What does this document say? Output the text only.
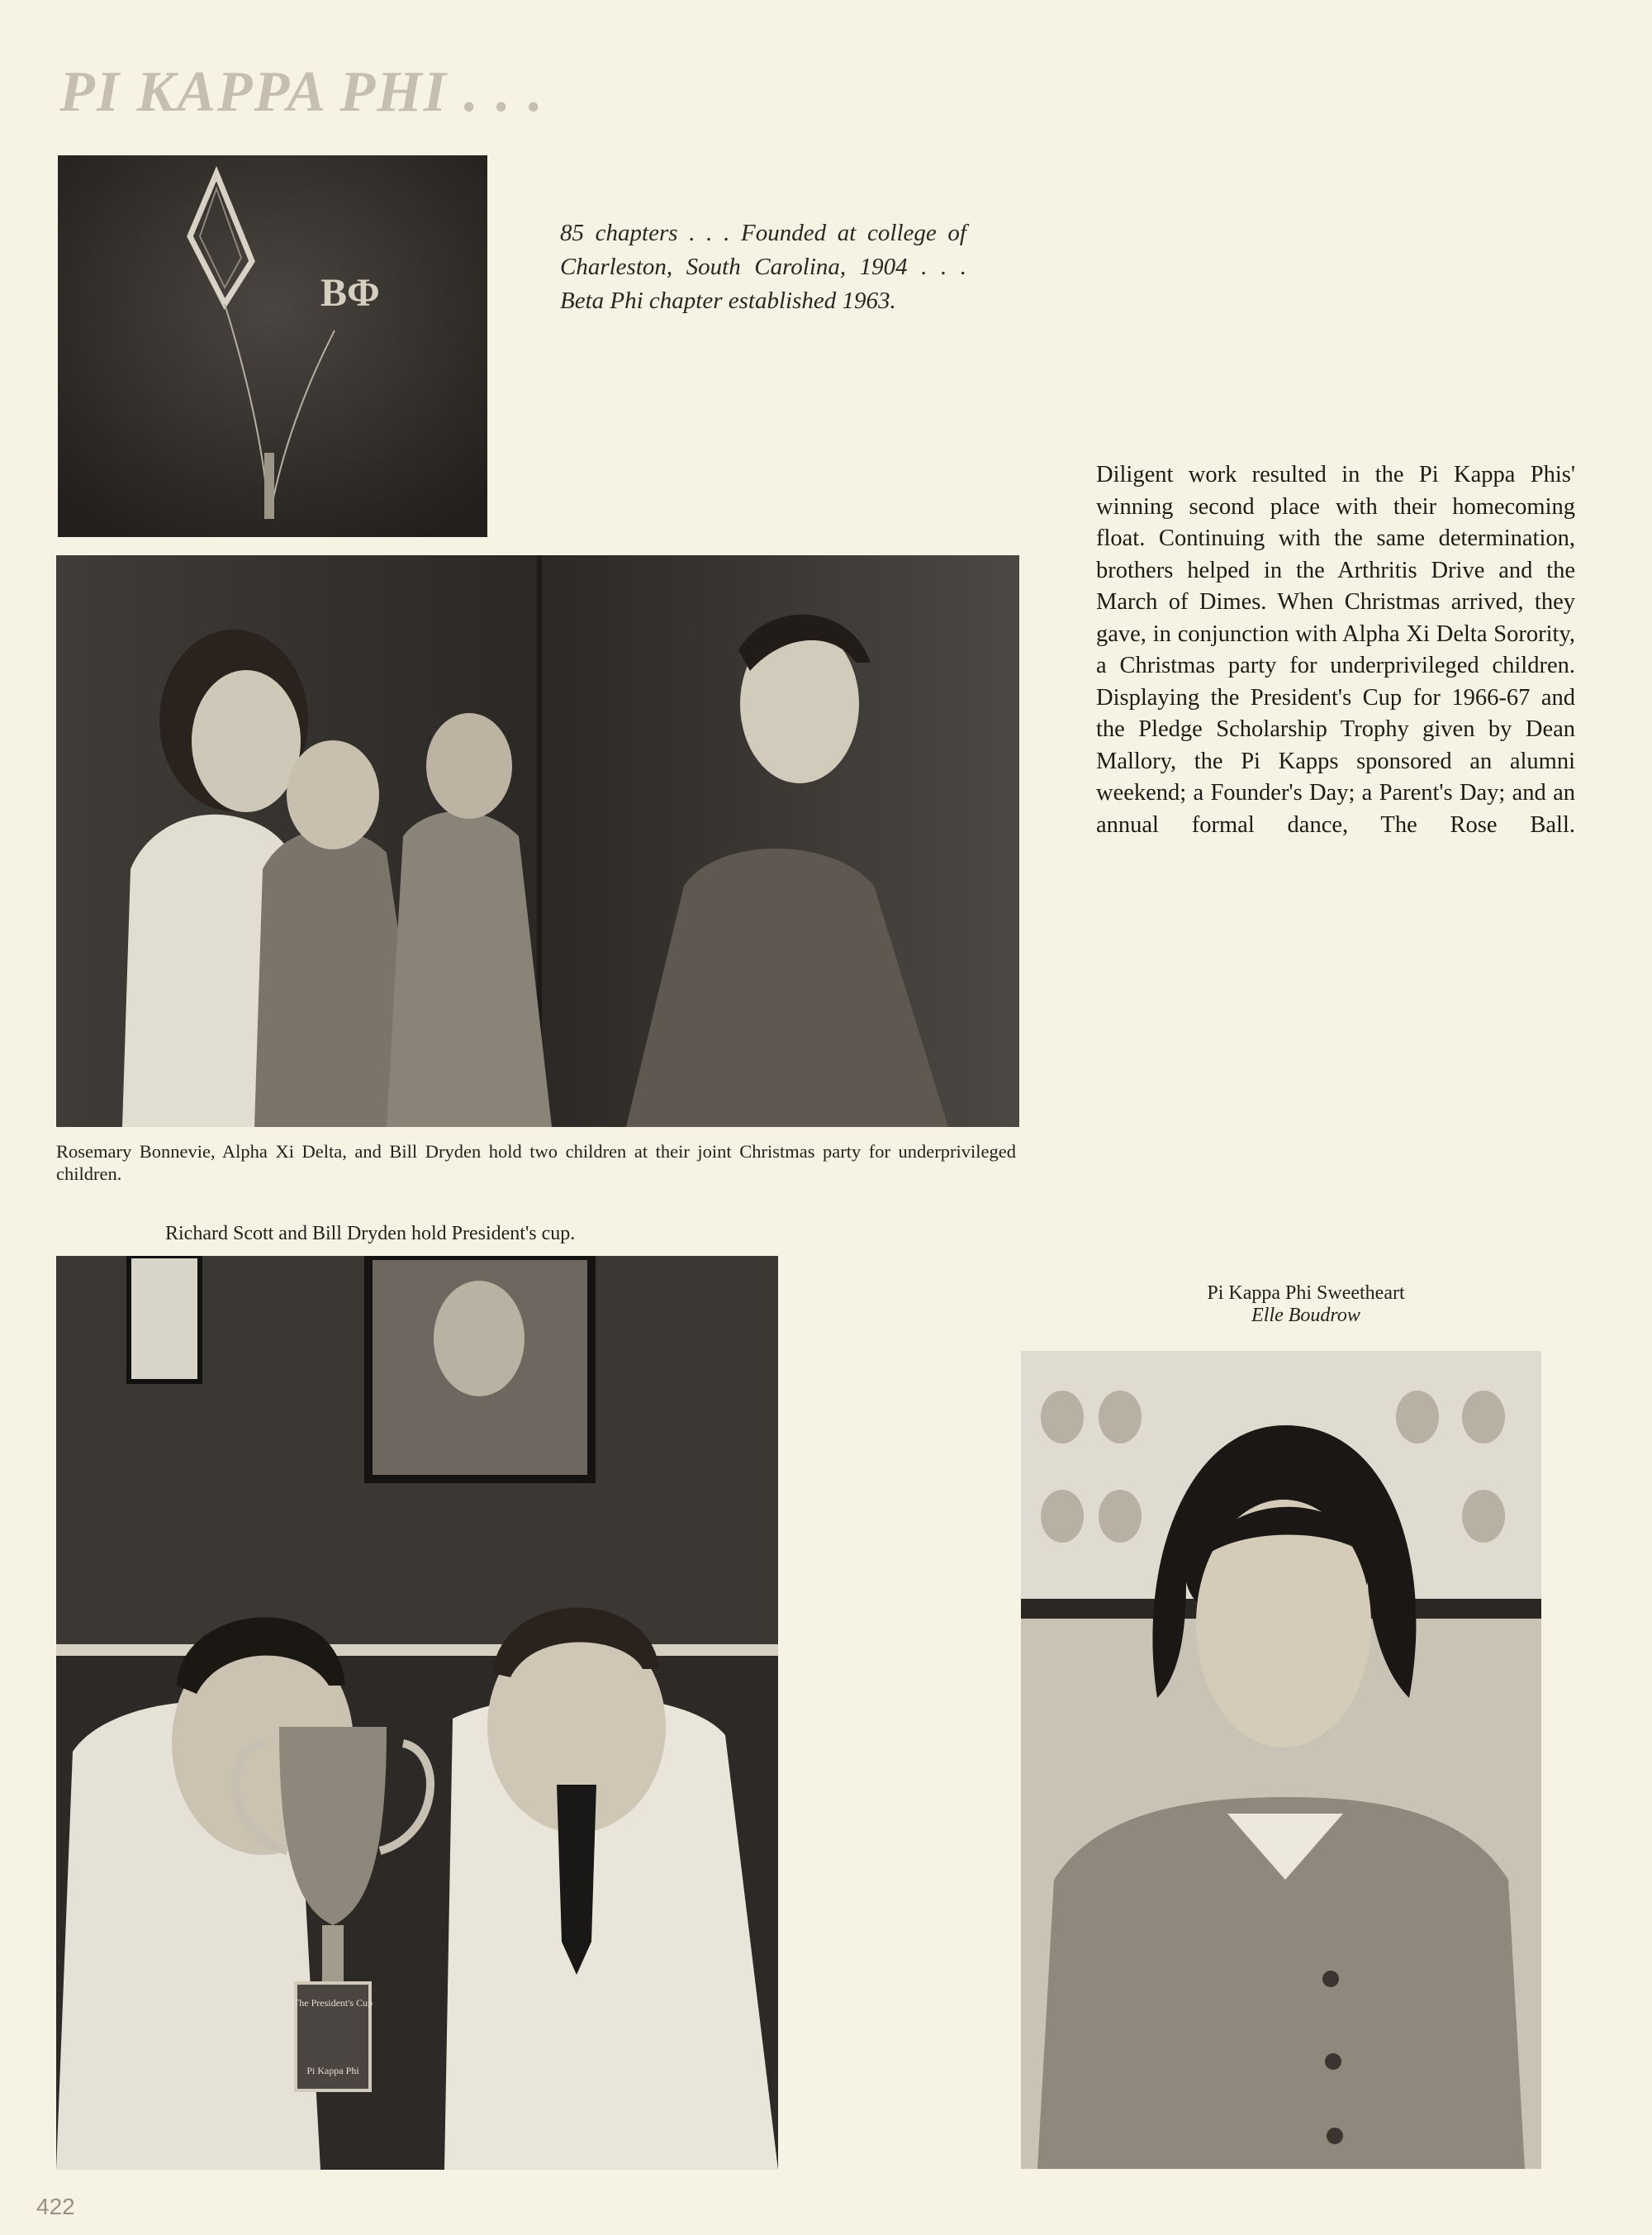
PI KAPPA PHI . . .
ΒΦ
85 chapters . . . Founded at college of Charleston, South Carolina, 1904 . . . Beta Phi chapter established 1963.
Diligent work resulted in the Pi Kappa Phis' winning second place with their homecoming float. Continuing with the same determination, brothers helped in the Arthritis Drive and the March of Dimes. When Christmas arrived, they gave, in conjunction with Alpha Xi Delta Sorority, a Christmas party for underprivileged children. Displaying the President's Cup for 1966-67 and the Pledge Scholarship Trophy given by Dean Mallory, the Pi Kapps sponsored an alumni weekend; a Founder's Day; a Parent's Day; and an annual formal dance, The Rose Ball.
Rosemary Bonnevie, Alpha Xi Delta, and Bill Dryden hold two children at their joint Christmas party for underprivileged children.
Richard Scott and Bill Dryden hold President's cup.
The President's Cup
Pi Kappa Phi
Pi Kappa Phi Sweetheart
Elle Boudrow
422
